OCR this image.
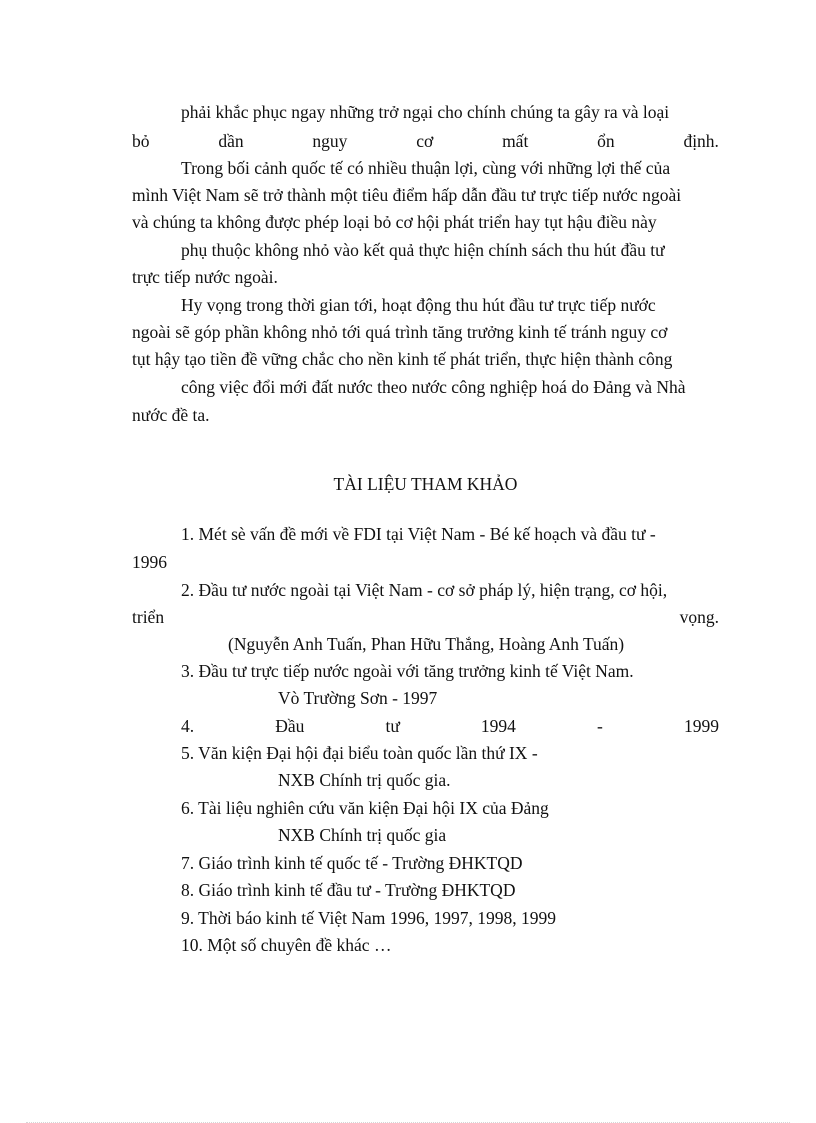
phải khắc phục ngay những trở ngại cho chính chúng ta gây ra và loại
bỏ	dần	nguy	cơ	mất	ổn	định.
Trong bối cảnh quốc tế có nhiều thuận lợi, cùng với những lợi thế của
mình Việt Nam sẽ trở thành một tiêu điểm hấp dẫn đầu tư trực tiếp nước ngoài
và chúng ta không được phép loại bỏ cơ hội phát triển hay tụt hậu điều này
phụ thuộc không nhỏ vào kết quả thực hiện chính sách thu hút đầu tư
trực tiếp nước ngoài.
Hy vọng trong thời gian tới, hoạt động thu hút đầu tư trực tiếp nước
ngoài sẽ góp phần không nhỏ tới quá trình tăng trưởng kinh tế tránh nguy cơ
tụt hậy tạo tiền đề vững chắc cho nền kinh tế phát triển, thực hiện thành công
công việc đổi mới đất nước theo nước công nghiệp hoá do Đảng và Nhà
nước đề ta.
TÀI LIỆU THAM KHẢO
1. Mét sè vấn đề mới về FDI tại Việt Nam - Bé kế hoạch và đầu tư -
1996
2. Đầu tư nước ngoài tại Việt Nam - cơ sở pháp lý, hiện trạng, cơ hội,
triển	vọng.
(Nguyễn Anh Tuấn, Phan Hữu Thắng, Hoàng Anh Tuấn)
3. Đầu tư trực tiếp nước ngoài với tăng trưởng kinh tế Việt Nam.
Vò Trường Sơn - 1997
4.	Đầu	tư	1994	-	1999
5. Văn kiện Đại hội đại biểu toàn quốc lần thứ IX -
NXB Chính trị quốc gia.
6. Tài liệu nghiên cứu văn kiện Đại hội IX của Đảng
NXB Chính trị quốc gia
7. Giáo trình kinh tế quốc tế - Trường ĐHKTQD
8. Giáo trình kinh tế đầu tư - Trường ĐHKTQD
9. Thời báo kinh tế Việt Nam 1996, 1997, 1998, 1999
10. Một số chuyên đề khác …
